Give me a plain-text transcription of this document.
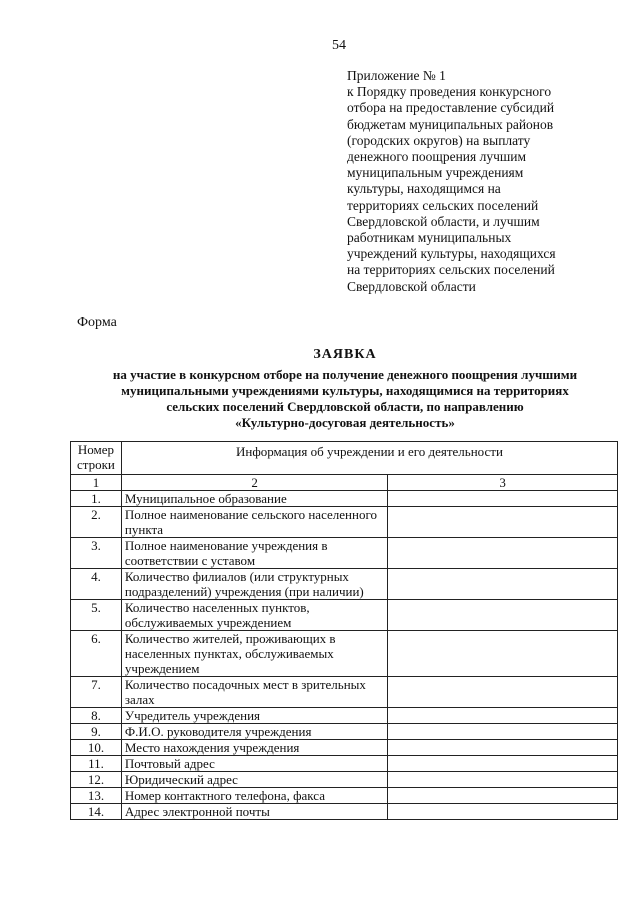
54
Приложение № 1
к Порядку проведения конкурсного
отбора на предоставление субсидий
бюджетам муниципальных районов
(городских округов) на выплату
денежного поощрения лучшим
муниципальным учреждениям
культуры, находящимся на
территориях сельских поселений
Свердловской области, и лучшим
работникам муниципальных
учреждений культуры, находящихся
на территориях сельских поселений
Свердловской области
Форма
ЗАЯВКА
на участие в конкурсном отборе на получение денежного поощрения лучшими
муниципальными учреждениями культуры, находящимися на территориях
сельских поселений Свердловской области, по направлению
«Культурно-досуговая деятельность»
Номер строки	Информация об учреждении и его деятельности	
1	2	3
1.	Муниципальное образование	
2.	Полное наименование сельского населенного пункта	
3.	Полное наименование учреждения в соответствии с уставом	
4.	Количество филиалов (или структурных подразделений) учреждения (при наличии)	
5.	Количество населенных пунктов, обслуживаемых учреждением	
6.	Количество жителей, проживающих в населенных пунктах, обслуживаемых учреждением	
7.	Количество посадочных мест в зрительных залах	
8.	Учредитель учреждения	
9.	Ф.И.О. руководителя учреждения	
10.	Место нахождения учреждения	
11.	Почтовый адрес	
12.	Юридический адрес	
13.	Номер контактного телефона, факса	
14.	Адрес электронной почты	
